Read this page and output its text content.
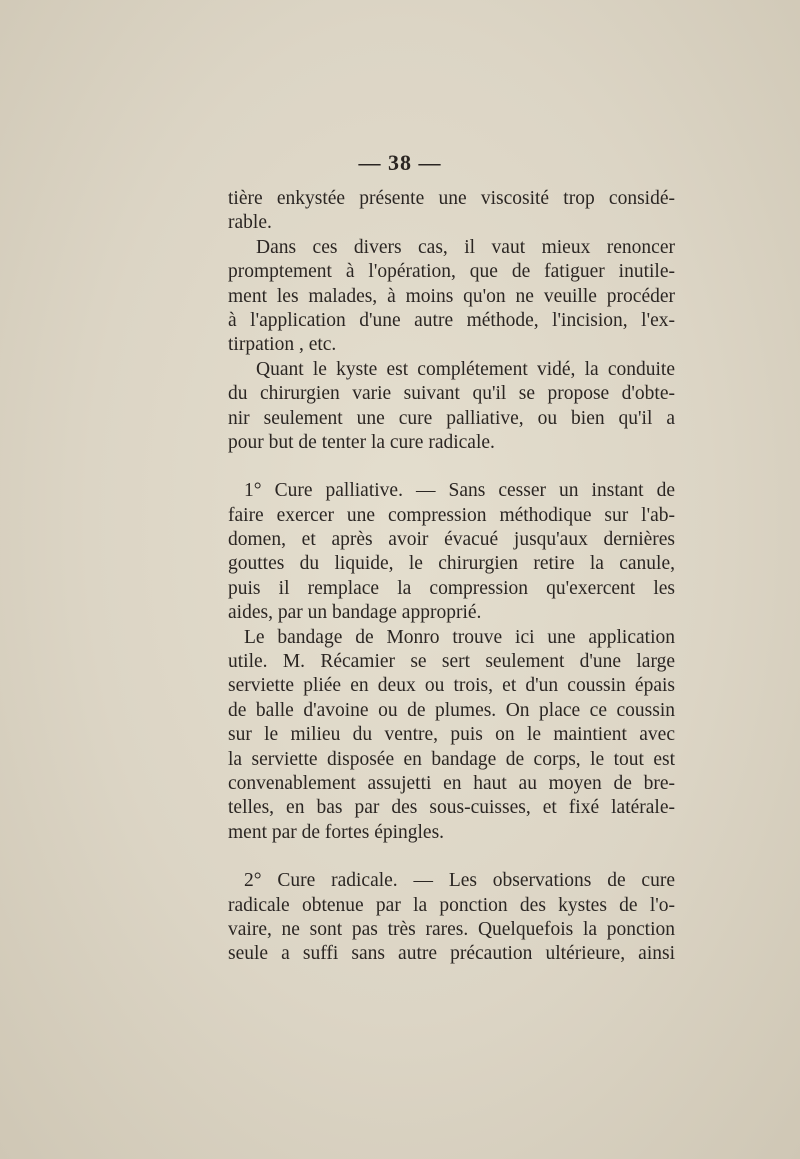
— 38 —
tière enkystée présente une viscosité trop considé-
rable.
Dans ces divers cas, il vaut mieux renoncer
promptement à l'opération, que de fatiguer inutile-
ment les malades, à moins qu'on ne veuille procéder
à l'application d'une autre méthode, l'incision, l'ex-
tirpation , etc.
Quant le kyste est complétement vidé, la conduite
du chirurgien varie suivant qu'il se propose d'obte-
nir seulement une cure palliative, ou bien qu'il a
pour but de tenter la cure radicale.
1° Cure palliative. — Sans cesser un instant de
faire exercer une compression méthodique sur l'ab-
domen, et après avoir évacué jusqu'aux dernières
gouttes du liquide, le chirurgien retire la canule,
puis il remplace la compression qu'exercent les
aides, par un bandage approprié.
Le bandage de Monro trouve ici une application
utile. M. Récamier se sert seulement d'une large
serviette pliée en deux ou trois, et d'un coussin épais
de balle d'avoine ou de plumes. On place ce coussin
sur le milieu du ventre, puis on le maintient avec
la serviette disposée en bandage de corps, le tout est
convenablement assujetti en haut au moyen de bre-
telles, en bas par des sous-cuisses, et fixé latérale-
ment par de fortes épingles.
2° Cure radicale. — Les observations de cure
radicale obtenue par la ponction des kystes de l'o-
vaire, ne sont pas très rares. Quelquefois la ponction
seule a suffi sans autre précaution ultérieure, ainsi
